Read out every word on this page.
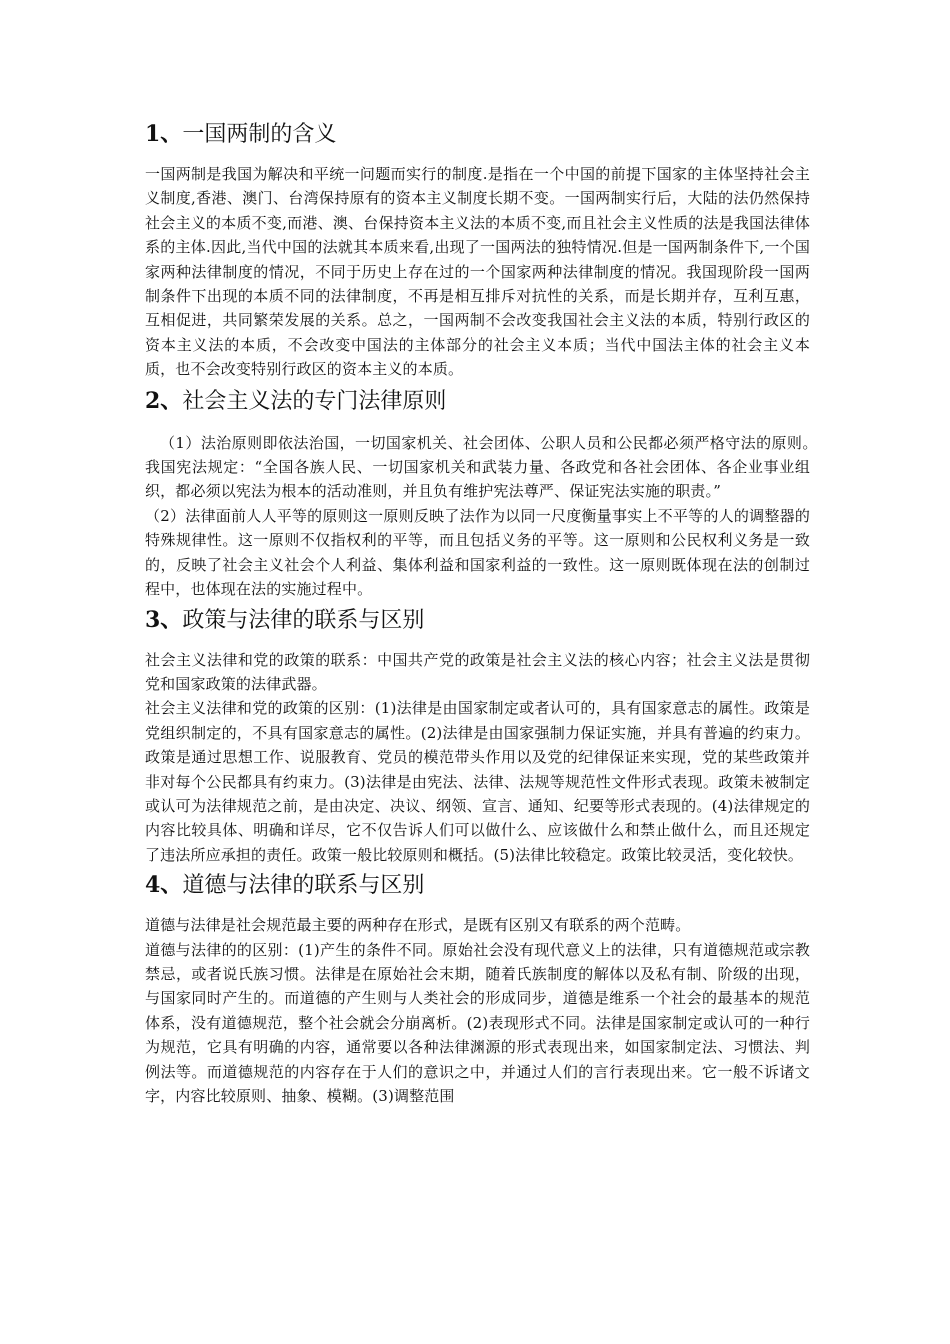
1、一国两制的含义

一国两制是我国为解决和平统一问题而实行的制度.是指在一个中国的前提下国家的主体坚持社会主义制度,香港、澳门、台湾保持原有的资本主义制度长期不变。一国两制实行后，大陆的法仍然保持社会主义的本质不变,而港、澳、台保持资本主义法的本质不变,而且社会主义性质的法是我国法律体系的主体.因此,当代中国的法就其本质来看,出现了一国两法的独特情况.但是一国两制条件下,一个国家两种法律制度的情况，不同于历史上存在过的一个国家两种法律制度的情况。我国现阶段一国两制条件下出现的本质不同的法律制度，不再是相互排斥对抗性的关系，而是长期并存，互利互惠，互相促进，共同繁荣发展的关系。总之，一国两制不会改变我国社会主义法的本质，特别行政区的资本主义法的本质，不会改变中国法的主体部分的社会主义本质；当代中国法主体的社会主义本质，也不会改变特别行政区的资本主义的本质。

2、社会主义法的专门法律原则

（1）法治原则即依法治国，一切国家机关、社会团体、公职人员和公民都必须严格守法的原则。　　我国宪法规定：“全国各族人民、一切国家机关和武装力量、各政党和各社会团体、各企业事业组织，都必须以宪法为根本的活动准则，并且负有维护宪法尊严、保证宪法实施的职责。”

（2）法律面前人人平等的原则这一原则反映了法作为以同一尺度衡量事实上不平等的人的调整器的特殊规律性。这一原则不仅指权利的平等，而且包括义务的平等。这一原则和公民权利义务是一致的，反映了社会主义社会个人利益、集体利益和国家利益的一致性。这一原则既体现在法的创制过程中，也体现在法的实施过程中。

3、政策与法律的联系与区别

社会主义法律和党的政策的联系：中国共产党的政策是社会主义法的核心内容；社会主义法是贯彻党和国家政策的法律武器。

社会主义法律和党的政策的区别：(1)法律是由国家制定或者认可的，具有国家意志的属性。政策是党组织制定的，不具有国家意志的属性。(2)法律是由国家强制力保证实施，并具有普遍的约束力。政策是通过思想工作、说服教育、党员的模范带头作用以及党的纪律保证来实现，党的某些政策并非对每个公民都具有约束力。(3)法律是由宪法、法律、法规等规范性文件形式表现。政策未被制定或认可为法律规范之前，是由决定、决议、纲领、宣言、通知、纪要等形式表现的。(4)法律规定的内容比较具体、明确和详尽，它不仅告诉人们可以做什么、应该做什么和禁止做什么，而且还规定了违法所应承担的责任。政策一般比较原则和概括。(5)法律比较稳定。政策比较灵活，变化较快。

4、道德与法律的联系与区别

道德与法律是社会规范最主要的两种存在形式，是既有区别又有联系的两个范畴。

道德与法律的的区别：(1)产生的条件不同。原始社会没有现代意义上的法律，只有道德规范或宗教禁忌，或者说氏族习惯。法律是在原始社会末期，随着氏族制度的解体以及私有制、阶级的出现，与国家同时产生的。而道德的产生则与人类社会的形成同步，道德是维系一个社会的最基本的规范体系，没有道德规范，整个社会就会分崩离析。(2)表现形式不同。法律是国家制定或认可的一种行为规范，它具有明确的内容，通常要以各种法律渊源的形式表现出来，如国家制定法、习惯法、判例法等。而道德规范的内容存在于人们的意识之中，并通过人们的言行表现出来。它一般不诉诸文字，内容比较原则、抽象、模糊。(3)调整范围
